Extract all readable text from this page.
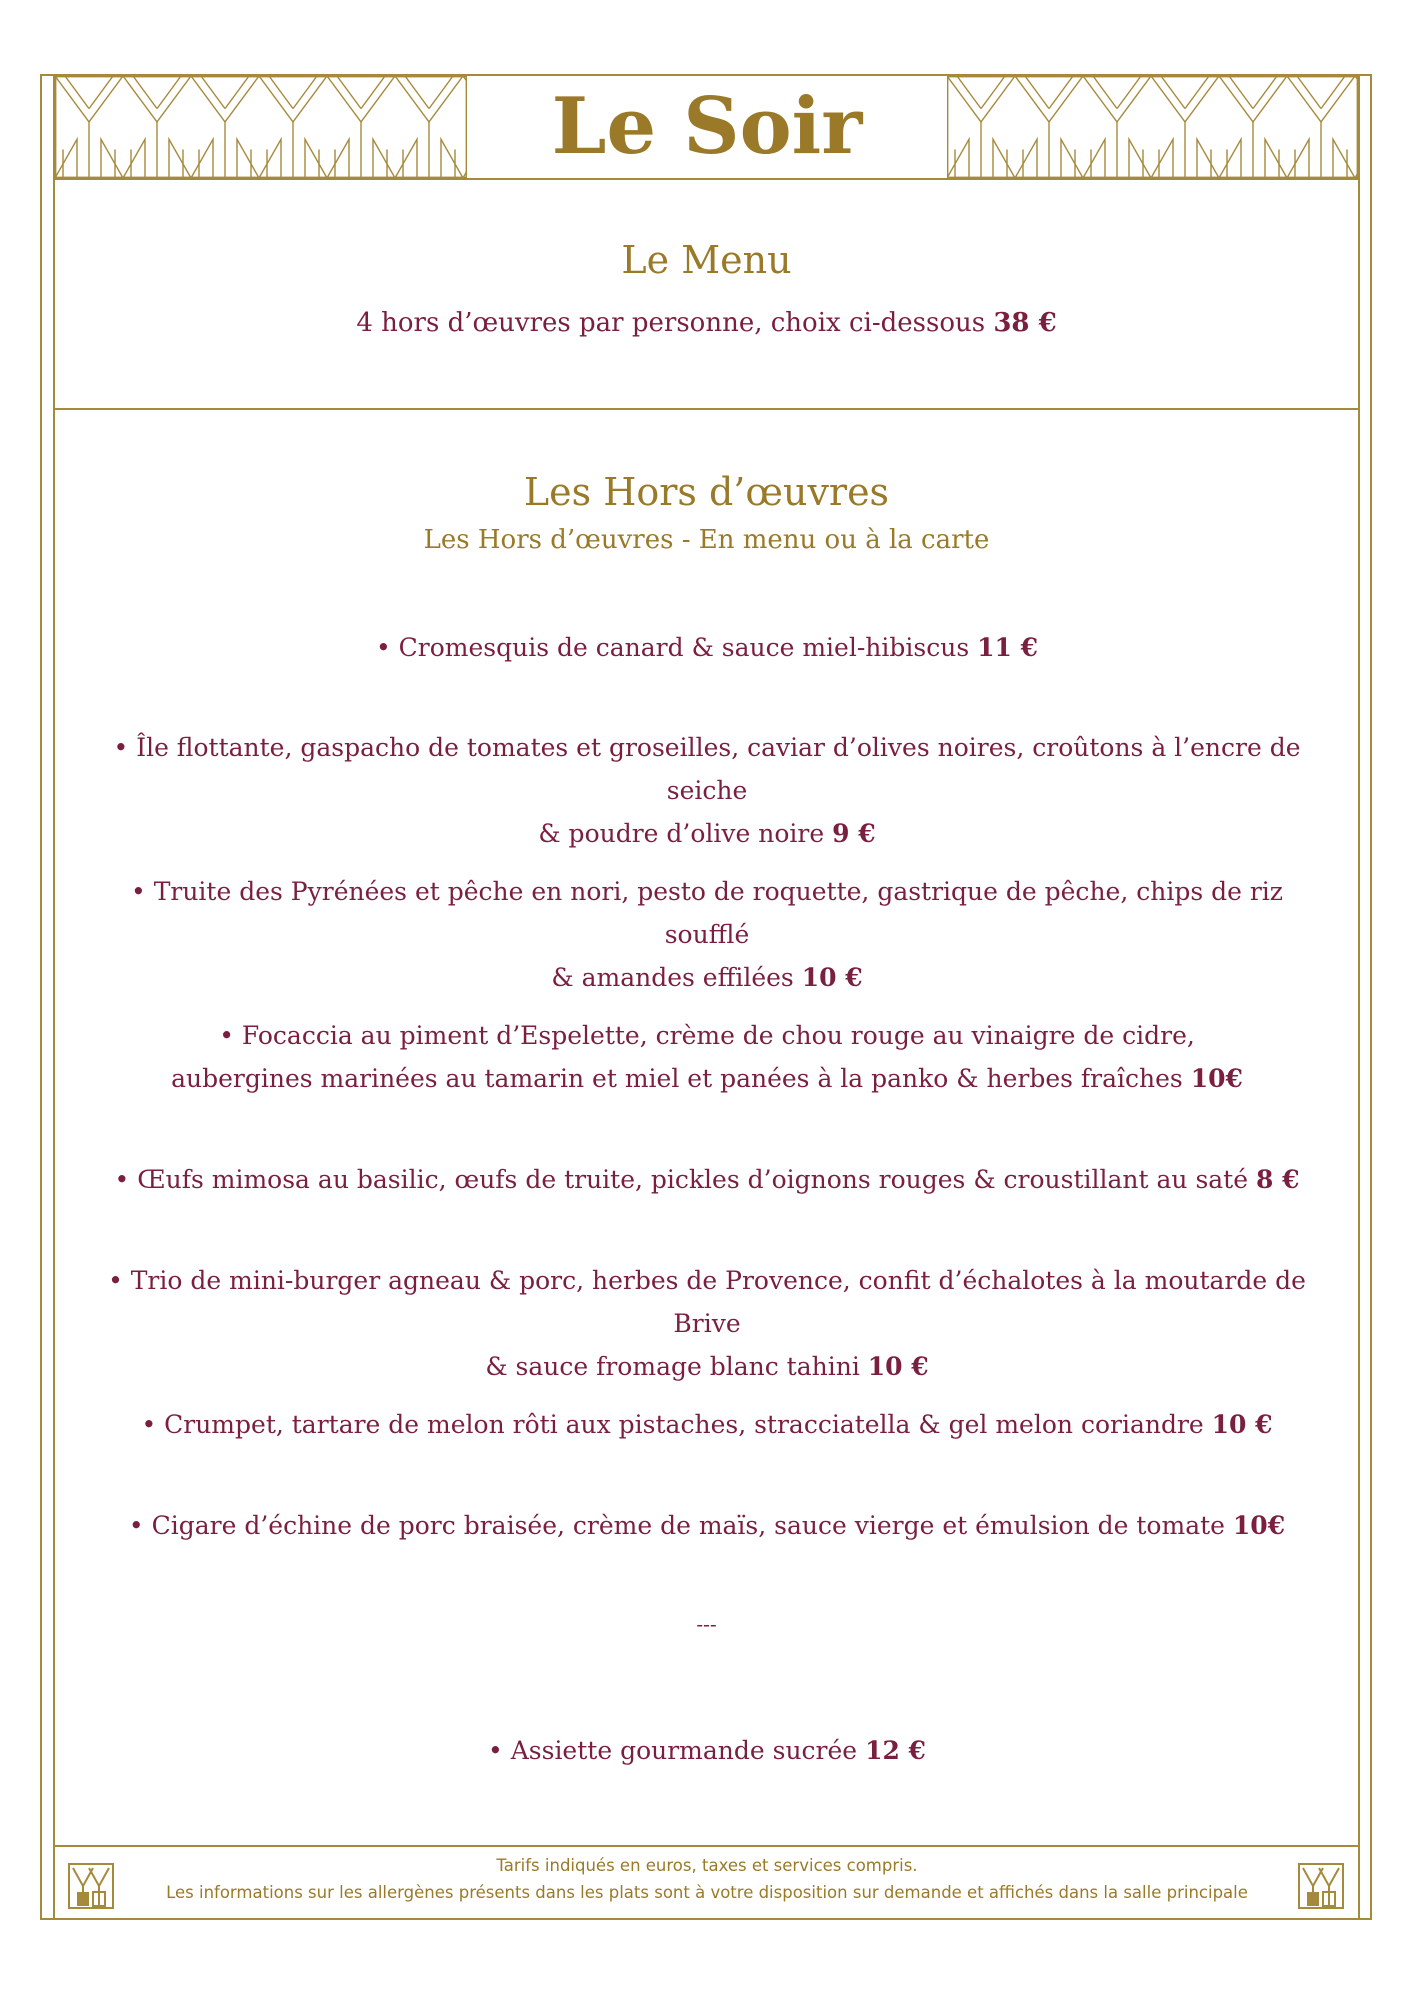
Le Soir
Le Menu
4 hors d’œuvres par personne, choix ci-dessous 38 €
Les Hors d’œuvres
Les Hors d’œuvres - En menu ou à la carte
• Cromesquis de canard & sauce miel-hibiscus 11 €
• Île flottante, gaspacho de tomates et groseilles, caviar d’olives noires, croûtons à l’encre de seiche
& poudre d’olive noire 9 €
• Truite des Pyrénées et pêche en nori, pesto de roquette, gastrique de pêche, chips de riz soufflé
& amandes effilées 10 €
• Focaccia au piment d’Espelette, crème de chou rouge au vinaigre de cidre,
aubergines marinées au tamarin et miel et panées à la panko & herbes fraîches 10€
• Œufs mimosa au basilic, œufs de truite, pickles d’oignons rouges & croustillant au saté 8 €
• Trio de mini-burger agneau & porc, herbes de Provence, confit d’échalotes à la moutarde de Brive
& sauce fromage blanc tahini 10 €
• Crumpet, tartare de melon rôti aux pistaches, stracciatella & gel melon coriandre 10 €
• Cigare d’échine de porc braisée, crème de maïs, sauce vierge et émulsion de tomate 10€
---
• Assiette gourmande sucrée 12 €
Tarifs indiqués en euros, taxes et services compris.
Les informations sur les allergènes présents dans les plats sont à votre disposition sur demande et affichés dans la salle principale
